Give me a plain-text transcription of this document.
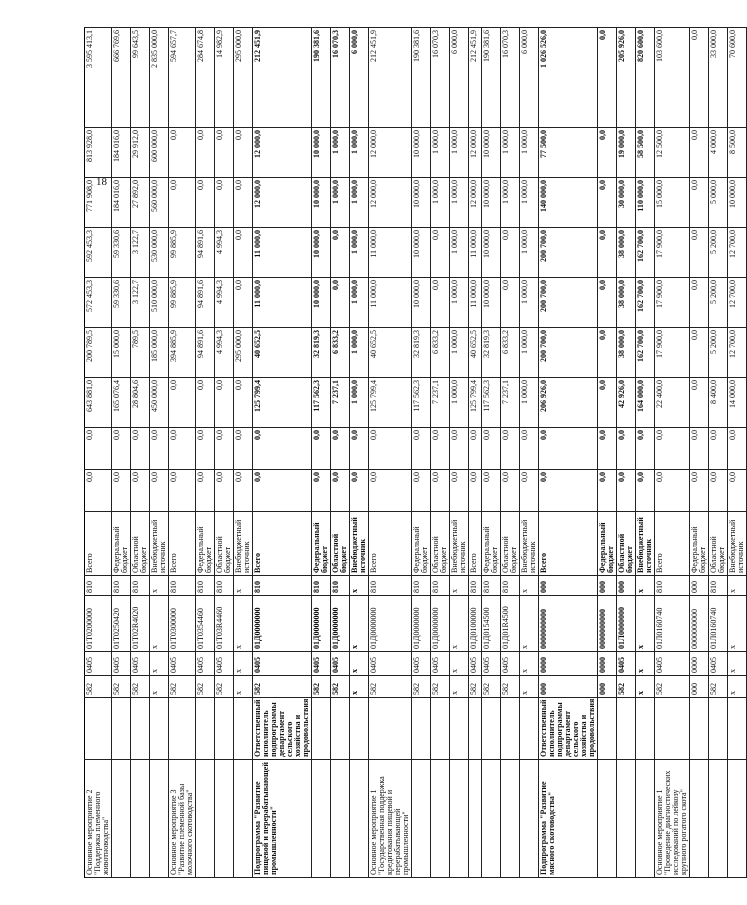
18
Основное мероприятие 2 "Поддержка племенного животноводства"		582	0405	01Т0200000	810	Всего	0,0	0,0	643 881,0	200 789,5	572 453,3	592 453,3	771 908,0	813 928,0	3 595 413,1
		582	0405	01Т0250420	810	Федеральный бюджет	0,0	0,0	165 076,4	15 000,0	59 330,6	59 330,6	184 016,0	184 016,0	666 769,6
		582	0405	01Т02R4020	810	Областной бюджет	0,0	0,0	28 804,6	789,5	3 122,7	3 122,7	27 892,0	29 912,0	99 643,5
		x	x	x	x	Внебюджетный источник	0,0	0,0	450 000,0	185 000,0	510 000,0	530 000,0	560 000,0	600 000,0	2 835 000,0
Основное мероприятие 3 "Развитие племенной базы молочного скотоводства"		582	0405	01Т0300000	810	Всего	0,0	0,0	0,0	394 885,9	99 885,9	99 885,9	0,0	0,0	594 657,7
		582	0405	01Т0354460	810	Федеральный бюджет	0,0	0,0	0,0	94 891,6	94 891,6	94 891,6	0,0	0,0	284 674,8
		582	0405	01Т03R4460	810	Областной бюджет	0,0	0,0	0,0	4 994,3	4 994,3	4 994,3	0,0	0,0	14 982,9
		x	x	x	x	Внебюджетный источник	0,0	0,0	0,0	295 000,0	0,0	0,0	0,0	0,0	295 000,0
Подпрограмма "Развитие пищевой и перерабатывающей промышленности"	Ответственный исполнитель подпрограммы департамент сельского хозяйства и продовольствия	582	0405	01Д0000000	810	Всего	0,0	0,0	125 799,4	40 652,5	11 000,0	11 000,0	12 000,0	12 000,0	212 451,9
		582	0405	01Д0000000	810	Федеральный бюджет	0,0	0,0	117 562,3	32 819,3	10 000,0	10 000,0	10 000,0	10 000,0	190 381,6
		582	0405	01Д0000000	810	Областной бюджет	0,0	0,0	7 237,1	6 833,2	0,0	0,0	1 000,0	1 000,0	16 070,3
		x	x	x	x	Внебюджетный источник	0,0	0,0	1 000,0	1 000,0	1 000,0	1 000,0	1 000,0	1 000,0	6 000,0
Основное мероприятие 1 "Государственная поддержка кредитования пищевой и перерабатывающей промышленности"		582	0405	01Д0000000	810	Всего	0,0	0,0	125 799,4	40 652,5	11 000,0	11 000,0	12 000,0	12 000,0	212 451,9
		582	0405	01Д0000000	810	Федеральный бюджет	0,0	0,0	117 562,3	32 819,3	10 000,0	10 000,0	10 000,0	10 000,0	190 381,6
		582	0405	01Д0000000	810	Областной бюджет	0,0	0,0	7 237,1	6 833,2	0,0	0,0	1 000,0	1 000,0	16 070,3
		x	x	x	x	Внебюджетный источник	0,0	0,0	1 000,0	1 000,0	1 000,0	1 000,0	1 000,0	1 000,0	6 000,0
		582	0405	01Д0100000	810	Всего	0,0	0,0	125 799,4	40 652,5	11 000,0	11 000,0	12 000,0	12 000,0	212 451,9
		582	0405	01Д0154500	810	Федеральный бюджет	0,0	0,0	117 562,3	32 819,3	10 000,0	10 000,0	10 000,0	10 000,0	190 381,6
		582	0405	01Д01R4500	810	Областной бюджет	0,0	0,0	7 237,1	6 833,2	0,0	0,0	1 000,0	1 000,0	16 070,3
		x	x	x	x	Внебюджетный источник	0,0	0,0	1 000,0	1 000,0	1 000,0	1 000,0	1 000,0	1 000,0	6 000,0
Подпрограмма "Развитие мясного скотоводства"	Ответственный исполнитель подпрограммы департамент сельского хозяйства и продовольствия	000	0000	0000000000	000	Всего	0,0	0,0	206 926,0	200 700,0	200 700,0	200 700,0	140 000,0	77 500,0	1 026 526,0
		000	0000	0000000000	000	Федеральный бюджет	0,0	0,0	0,0	0,0	0,0	0,0	0,0	0,0	0,0
		582	0405	01Л0000000	000	Областной бюджет	0,0	0,0	42 926,0	38 000,0	38 000,0	38 000,0	30 000,0	19 000,0	205 926,0
		x	x	x	x	Внебюджетный источник	0,0	0,0	164 000,0	162 700,0	162 700,0	162 700,0	110 000,0	58 500,0	820 600,0
Основное мероприятие 1 "Проведение диагностических исследований по лейкозу крупного рогатого скота"		582	0405	01Л0160740	810	Всего	0,0	0,0	22 400,0	17 900,0	17 900,0	17 900,0	15 000,0	12 500,0	103 600,0
		000	0000	0000000000	000	Федеральный бюджет	0,0	0,0	0,0	0,0	0,0	0,0	0,0	0,0	0,0
		582	0405	01Л0160740	810	Областной бюджет	0,0	0,0	8 400,0	5 200,0	5 200,0	5 200,0	5 000,0	4 000,0	33 000,0
		x	x	x	x	Внебюджетный источник	0,0	0,0	14 000,0	12 700,0	12 700,0	12 700,0	10 000,0	8 500,0	70 600,0
